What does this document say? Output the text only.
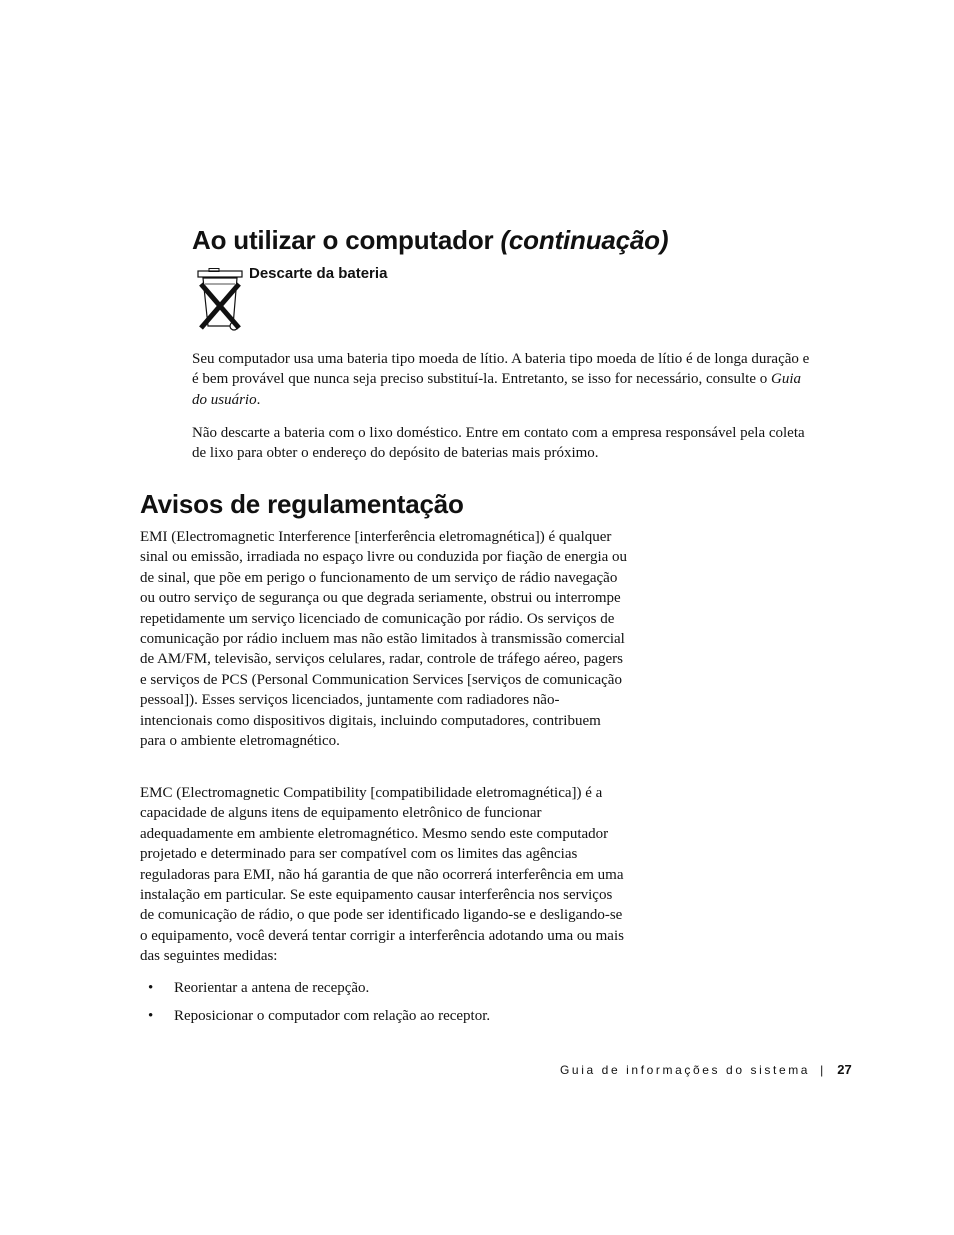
Ao utilizar o computador (continuação)
Descarte da bateria

Seu computador usa uma bateria tipo moeda de lítio. A bateria tipo moeda de lítio é de longa duração e é bem provável que nunca seja preciso substituí-la. Entretanto, se isso for necessário, consulte o Guia do usuário.

Não descarte a bateria com o lixo doméstico. Entre em contato com a empresa responsável pela coleta de lixo para obter o endereço do depósito de baterias mais próximo.

Avisos de regulamentação

EMI (Electromagnetic Interference [interferência eletromagnética]) é qualquer sinal ou emissão, irradiada no espaço livre ou conduzida por fiação de energia ou de sinal, que põe em perigo o funcionamento de um serviço de rádio navegação ou outro serviço de segurança ou que degrada seriamente, obstrui ou interrompe repetidamente um serviço licenciado de comunicação por rádio. Os serviços de comunicação por rádio incluem mas não estão limitados à transmissão comercial de AM/FM, televisão, serviços celulares, radar, controle de tráfego aéreo, pagers e serviços de PCS (Personal Communication Services [serviços de comunicação pessoal]). Esses serviços licenciados, juntamente com radiadores não-intencionais como dispositivos digitais, incluindo computadores, contribuem para o ambiente eletromagnético.

EMC (Electromagnetic Compatibility [compatibilidade eletromagnética]) é a capacidade de alguns itens de equipamento eletrônico de funcionar adequadamente em ambiente eletromagnético. Mesmo sendo este computador projetado e determinado para ser compatível com os limites das agências reguladoras para EMI, não há garantia de que não ocorrerá interferência em uma instalação em particular. Se este equipamento causar interferência nos serviços de comunicação de rádio, o que pode ser identificado ligando-se e desligando-se o equipamento, você deverá tentar corrigir a interferência adotando uma ou mais das seguintes medidas:

• Reorientar a antena de recepção.
• Reposicionar o computador com relação ao receptor.
Guia de informações do sistema | 27
